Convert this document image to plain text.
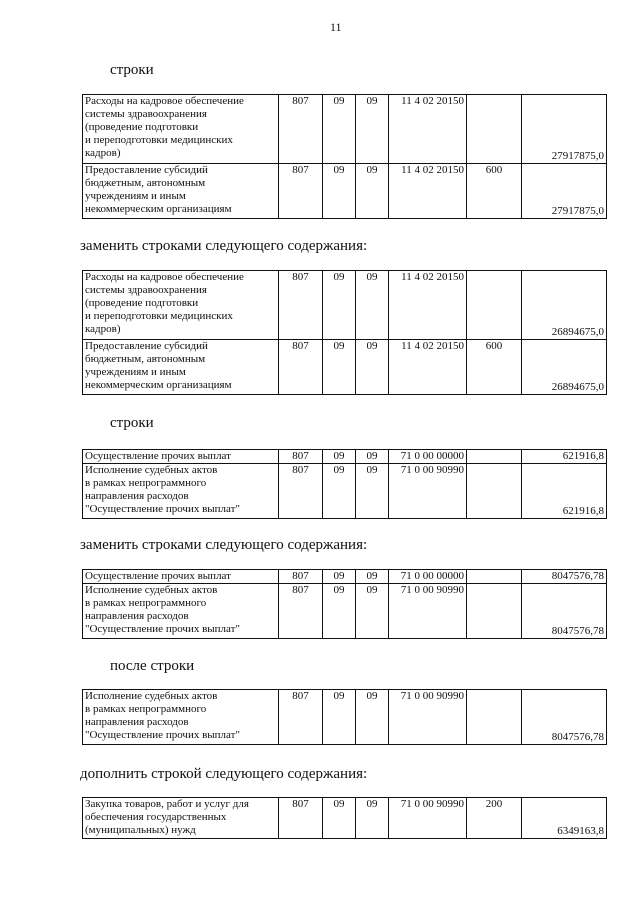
11
строки
Расходы на кадровое обеспечение
системы здравоохранения
(проведение подготовки
и переподготовки медицинских
кадров)	807	09	09	11 4 02 20150		27917875,0
Предоставление субсидий
бюджетным, автономным
учреждениям и иным
некоммерческим организациям	807	09	09	11 4 02 20150	600	27917875,0
заменить строками следующего содержания:
Расходы на кадровое обеспечение
системы здравоохранения
(проведение подготовки
и переподготовки медицинских
кадров)	807	09	09	11 4 02 20150		26894675,0
Предоставление субсидий
бюджетным, автономным
учреждениям и иным
некоммерческим организациям	807	09	09	11 4 02 20150	600	26894675,0
строки
Осуществление прочих выплат	807	09	09	71 0 00 00000		621916,8
Исполнение судебных актов
в рамках непрограммного
направления расходов
"Осуществление прочих выплат"	807	09	09	71 0 00 90990		621916,8
заменить строками следующего содержания:
Осуществление прочих выплат	807	09	09	71 0 00 00000		8047576,78
Исполнение судебных актов
в рамках непрограммного
направления расходов
"Осуществление прочих выплат"	807	09	09	71 0 00 90990		8047576,78
после строки
Исполнение судебных актов
в рамках непрограммного
направления расходов
"Осуществление прочих выплат"	807	09	09	71 0 00 90990		8047576,78
дополнить строкой следующего содержания:
Закупка товаров, работ и услуг для
обеспечения государственных
(муниципальных) нужд	807	09	09	71 0 00 90990	200	6349163,8
